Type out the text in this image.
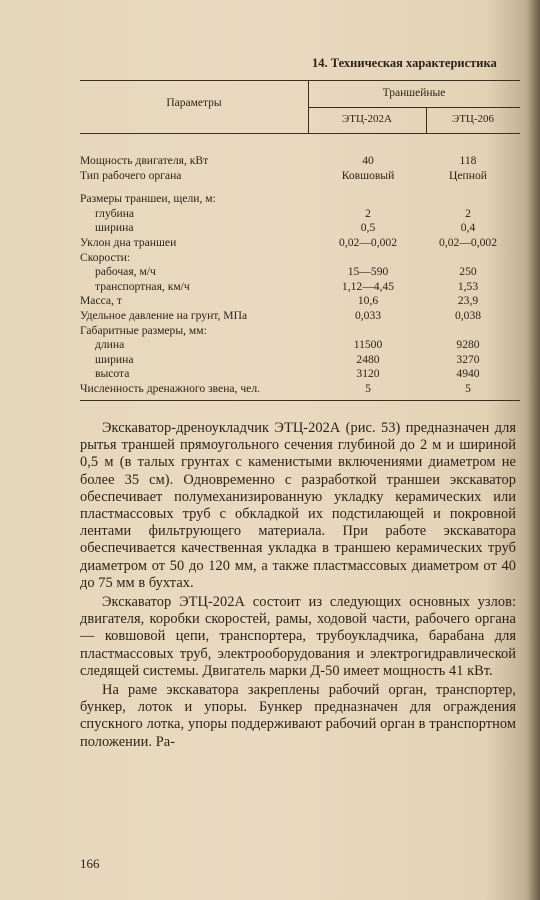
14. Техническая характеристика
Параметры
Траншейные
ЭТЦ-202А	ЭТЦ-206
Мощность двигателя, кВт	40	118
Тип рабочего органа	Ковшовый	Цепной
Размеры траншеи, щели, м:
глубина	2	2
ширина	0,5	0,4
Уклон дна траншеи	0,02—0,002	0,02—0,002
Скорости:
рабочая, м/ч	15—590	250
транспортная, км/ч	1,12—4,45	1,53
Масса, т	10,6	23,9
Удельное давление на грунт, МПа	0,033	0,038
Габаритные размеры, мм:
длина	11500	9280
ширина	2480	3270
высота	3120	4940
Численность дренажного звена, чел.	5	5

Экскаватор-дреноукладчик ЭТЦ-202А (рис. 53) предназначен для рытья траншей прямоугольного сечения глубиной до 2 м и шириной 0,5 м (в талых грунтах с каменистыми включениями диаметром не более 35 см). Одновременно с разработкой траншеи экскаватор обеспечивает полумеханизированную укладку керамических или пластмассовых труб с обкладкой их подстилающей и покровной лентами фильтрующего материала. При работе экскаватора обеспечивается качественная укладка в траншею керамических труб диаметром от 50 до 120 мм, а также пластмассовых диаметром от 40 до 75 мм в бухтах.

Экскаватор ЭТЦ-202А состоит из следующих основных узлов: двигателя, коробки скоростей, рамы, ходовой части, рабочего органа — ковшовой цепи, транспортера, трубоукладчика, барабана для пластмассовых труб, электрооборудования и электрогидравлической следящей системы. Двигатель марки Д-50 имеет мощность 41 кВт.

На раме экскаватора закреплены рабочий орган, транспортер, бункер, лоток и упоры. Бункер предназначен для ограждения спускного лотка, упоры поддерживают рабочий орган в транспортном положении. Ра-

166
